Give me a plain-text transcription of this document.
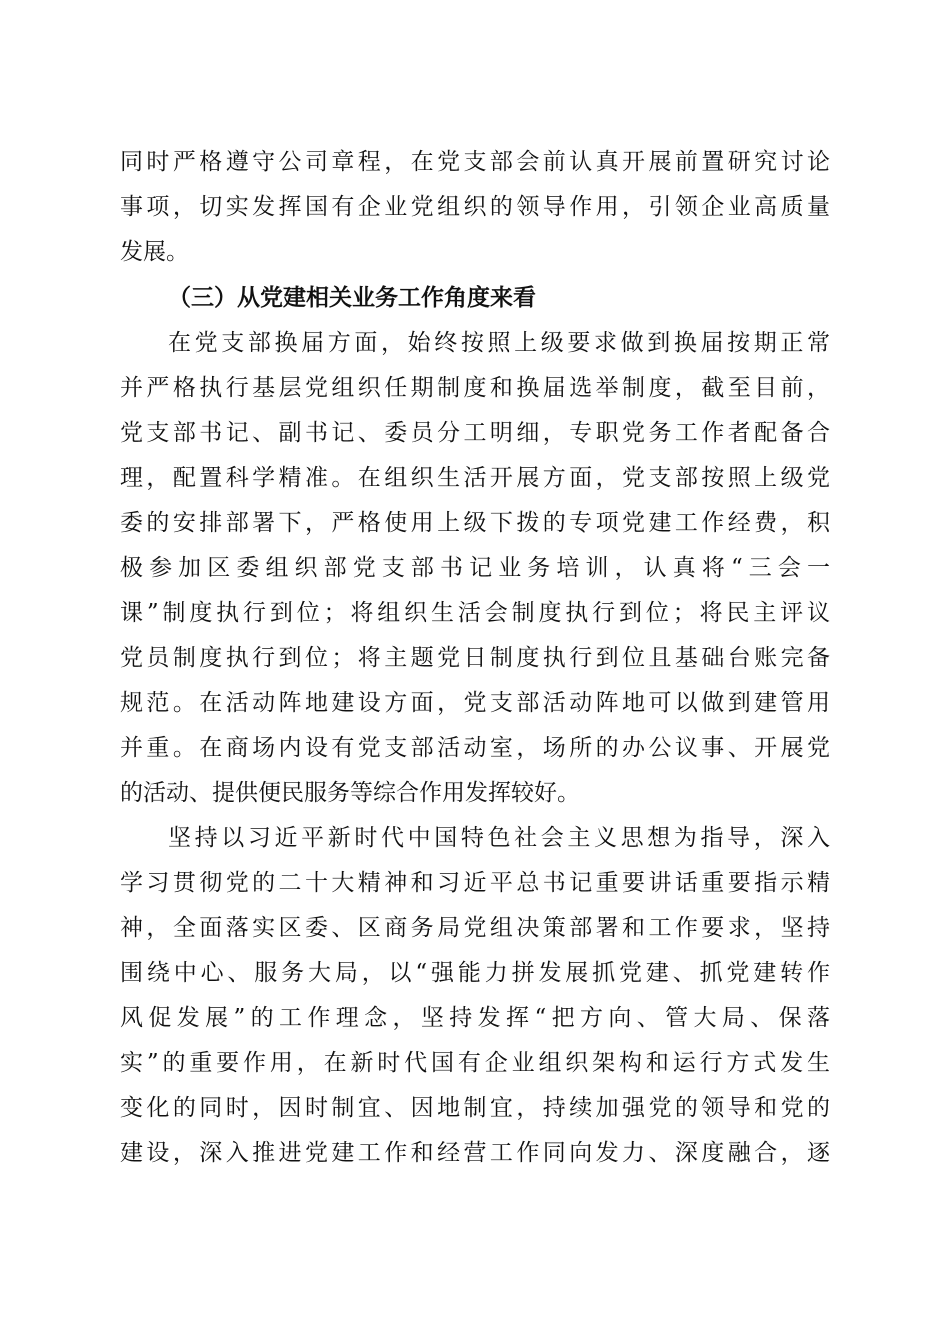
同时严格遵守公司章程，在党支部会前认真开展前置研究讨论
事项，切实发挥国有企业党组织的领导作用，引领企业高质量
发展。
（三）从党建相关业务工作角度来看
在党支部换届方面，始终按照上级要求做到换届按期正常
并严格执行基层党组织任期制度和换届选举制度，截至目前，
党支部书记、副书记、委员分工明细，专职党务工作者配备合
理，配置科学精准。在组织生活开展方面，党支部按照上级党
委的安排部署下，严格使用上级下拨的专项党建工作经费，积
极参加区委组织部党支部书记业务培训，认真将“三会一
课”制度执行到位；将组织生活会制度执行到位；将民主评议
党员制度执行到位；将主题党日制度执行到位且基础台账完备
规范。在活动阵地建设方面，党支部活动阵地可以做到建管用
并重。在商场内设有党支部活动室，场所的办公议事、开展党
的活动、提供便民服务等综合作用发挥较好。
坚持以习近平新时代中国特色社会主义思想为指导，深入
学习贯彻党的二十大精神和习近平总书记重要讲话重要指示精
神，全面落实区委、区商务局党组决策部署和工作要求，坚持
围绕中心、服务大局，以“强能力拼发展抓党建、抓党建转作
风促发展”的工作理念，坚持发挥“把方向、管大局、保落
实”的重要作用，在新时代国有企业组织架构和运行方式发生
变化的同时，因时制宜、因地制宜，持续加强党的领导和党的
建设，深入推进党建工作和经营工作同向发力、深度融合，逐
